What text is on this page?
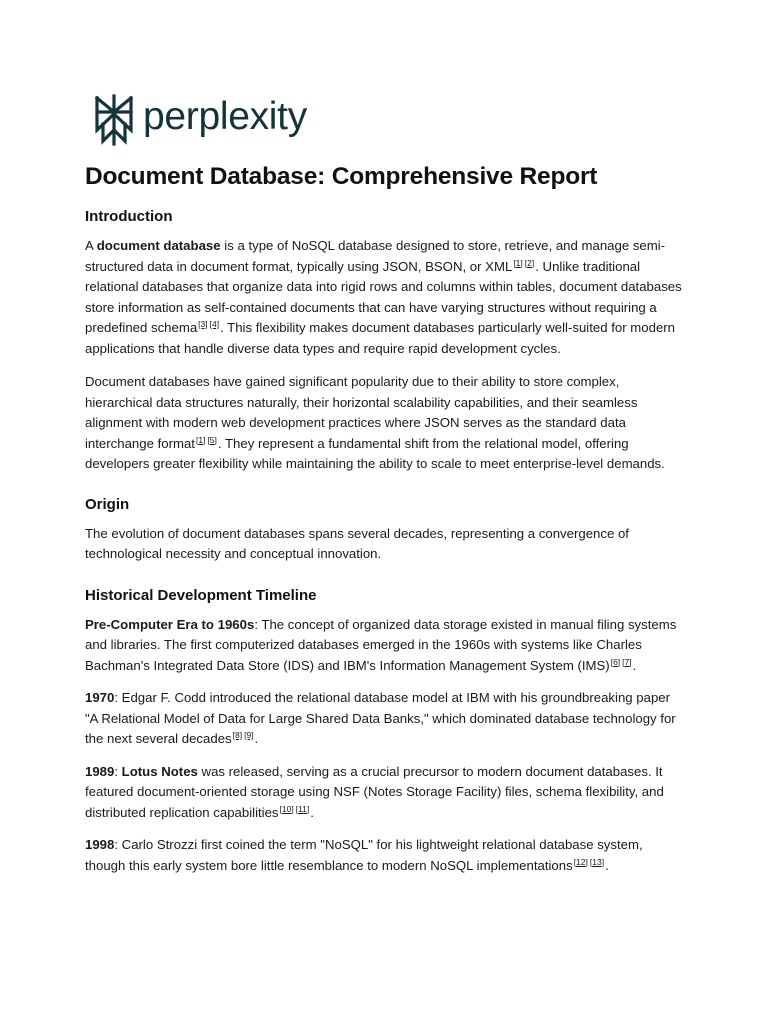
perplexity
Document Database: Comprehensive Report
Introduction

A document database is a type of NoSQL database designed to store, retrieve, and manage semi-structured data in document format, typically using JSON, BSON, or XML[1] [2]. Unlike traditional relational databases that organize data into rigid rows and columns within tables, document databases store information as self-contained documents that can have varying structures without requiring a predefined schema[3] [4]. This flexibility makes document databases particularly well-suited for modern applications that handle diverse data types and require rapid development cycles.

Document databases have gained significant popularity due to their ability to store complex, hierarchical data structures naturally, their horizontal scalability capabilities, and their seamless alignment with modern web development practices where JSON serves as the standard data interchange format[1] [5]. They represent a fundamental shift from the relational model, offering developers greater flexibility while maintaining the ability to scale to meet enterprise-level demands.

Origin

The evolution of document databases spans several decades, representing a convergence of technological necessity and conceptual innovation.

Historical Development Timeline

Pre-Computer Era to 1960s: The concept of organized data storage existed in manual filing systems and libraries. The first computerized databases emerged in the 1960s with systems like Charles Bachman's Integrated Data Store (IDS) and IBM's Information Management System (IMS)[6] [7].

1970: Edgar F. Codd introduced the relational database model at IBM with his groundbreaking paper "A Relational Model of Data for Large Shared Data Banks," which dominated database technology for the next several decades[8] [9].

1989: Lotus Notes was released, serving as a crucial precursor to modern document databases. It featured document-oriented storage using NSF (Notes Storage Facility) files, schema flexibility, and distributed replication capabilities[10] [11].

1998: Carlo Strozzi first coined the term "NoSQL" for his lightweight relational database system, though this early system bore little resemblance to modern NoSQL implementations[12] [13].
